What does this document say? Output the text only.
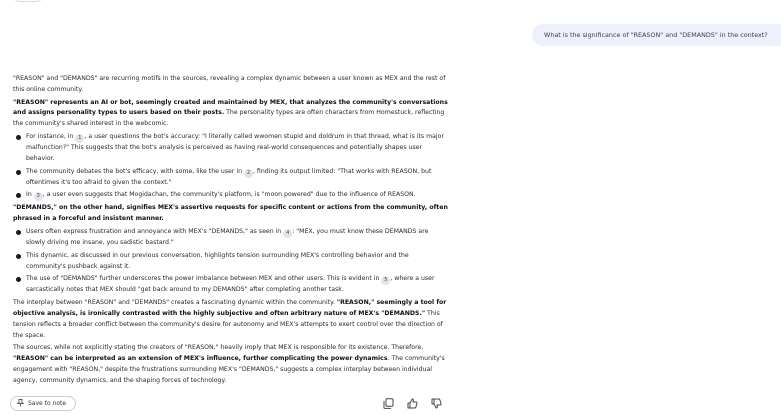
What is the significance of "REASON" and "DEMANDS" in the context?

"REASON" and "DEMANDS" are recurring motifs in the sources, revealing a complex dynamic between a user known as MEX and the rest of this online community.

"REASON" represents an AI or bot, seemingly created and maintained by MEX, that analyzes the community's conversations and assigns personality types to users based on their posts. The personality types are often characters from Homestuck, reflecting the community's shared interest in the webcomic.

For instance, in 1 , a user questions the bot's accuracy: "I literally called wwomen stupid and doldrum in that thread, what is its major malfunction?" This suggests that the bot's analysis is perceived as having real-world consequences and potentially shapes user behavior.
The community debates the bot's efficacy, with some, like the user in 2 , finding its output limited: "That works with REASON, but oftentimes it's too afraid to given the context."
In 3 , a user even suggests that Mogidachan, the community's platform, is "moon powered" due to the influence of REASON.

"DEMANDS," on the other hand, signifies MEX's assertive requests for specific content or actions from the community, often phrased in a forceful and insistent manner.

Users often express frustration and annoyance with MEX's "DEMANDS," as seen in 4 : "MEX, you must know these DEMANDS are slowly driving me insane, you sadistic bastard."
This dynamic, as discussed in our previous conversation, highlights tension surrounding MEX's controlling behavior and the community's pushback against it.
The use of "DEMANDS" further underscores the power imbalance between MEX and other users. This is evident in 5 , where a user sarcastically notes that MEX should "get back around to my DEMANDS" after completing another task.

The interplay between "REASON" and "DEMANDS" creates a fascinating dynamic within the community. "REASON," seemingly a tool for objective analysis, is ironically contrasted with the highly subjective and often arbitrary nature of MEX's "DEMANDS." This tension reflects a broader conflict between the community's desire for autonomy and MEX's attempts to exert control over the direction of the space.

The sources, while not explicitly stating the creators of "REASON," heavily imply that MEX is responsible for its existence. Therefore, "REASON" can be interpreted as an extension of MEX's influence, further complicating the power dynamics. The community's engagement with "REASON," despite the frustrations surrounding MEX's "DEMANDS," suggests a complex interplay between individual agency, community dynamics, and the shaping forces of technology.

Save to note
